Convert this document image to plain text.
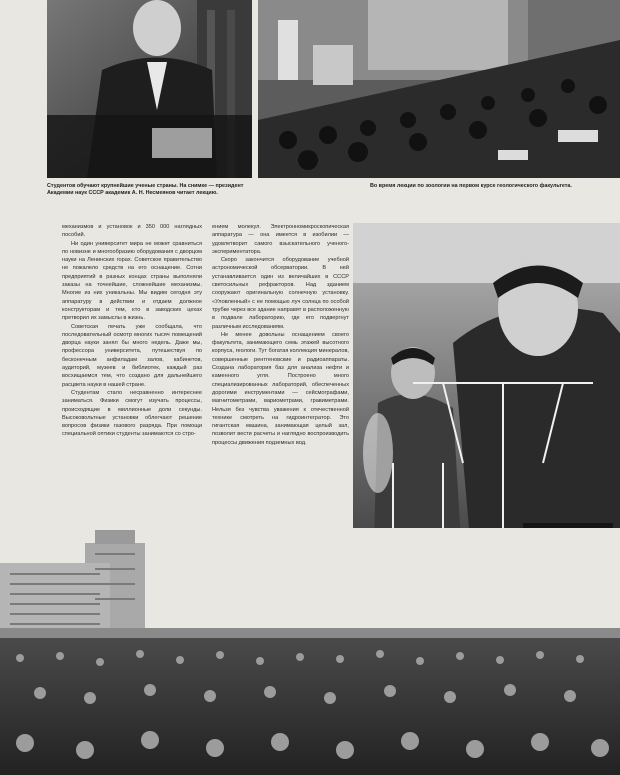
Студентов обучают крупнейшие ученые страны. На снимке — президент Академии наук СССР академик А. Н. Несмеянов читает лекцию.
Во время лекции по зоологии на первом курсе геологического факультета.

механизмов и установок и 350 000 наглядных пособий.

Ни один университет мира не может сравниться по новизне и многообразию оборудования с дворцом науки на Ленинских горах. Советское правительство не пожалело средств на его оснащение. Сотни предприятий в разных концах страны выполняли заказы на точнейшие, сложнейшие механизмы. Многие из них уникальны. Мы видим сегодня эту аппаратуру в действии и отдаем должное конструкторам и тем, кто в заводских цехах претворил их замыслы в жизнь.

Советская печать уже сообщала, что последовательный осмотр многих тысяч помещений дворца науки занял бы много недель. Даже мы, профессора университета, путешествуя по бесконечным анфиладам залов, кабинетов, аудиторий, музеев и библиотек, каждый раз восхищаемся тем, что создано для дальнейшего расцвета науки в нашей стране.

Студентам стало несравненно интереснее заниматься. Физики смогут изучать процессы, происходящие в миллионные доли секунды. Высоковольтные установки облегчают решение вопросов физики газового разряда. При помощи специальной оптики студенты занимаются со стро-

ением молекул. Электронномикроскопическая аппаратура — она имеется в изобилии — удовлетворит самого взыскательного ученого-экспериментатора.

Скоро закончится оборудование учебной астрономической обсерватории. В ней устанавливается один из величайших в СССР светосильных рефракторов. Над зданием сооружают оригинальную солнечную установку. «Уловленный» с ее помощью луч солнца по особой трубке через все здание направят в расположенную в подвале лабораторию, где его подвергнут различным исследованиям.

Не менее довольны оснащением своего факультета, занимающего семь этажей высотного корпуса, геологи. Тут богатая коллекция минералов, совершенные рентгеновские и радиоаппараты. Создана лаборатория баз для анализа нефти и каменного угля. Построено много специализированных лабораторий, обеспеченных дорогими инструментами — сейсмографами, магнитометрами, вариометрами, гравиметрами. Нельзя без чувства уважения к отечественной технике смотреть на гидроинтегратор. Это гигантская машина, занимающая целый зал, позволит вести расчеты и наглядно воспроизводить процессы движения подземных вод.
